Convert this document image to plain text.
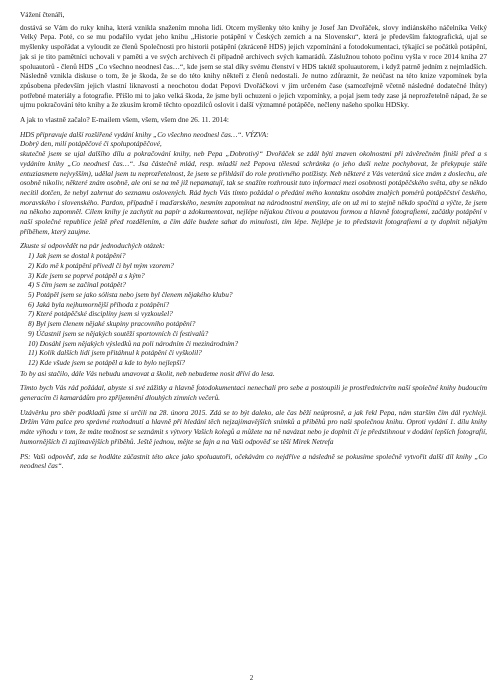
Vážení čtenáři,

dostává se Vám do ruky kniha, která vznikla snažením mnoha lidí. Otcem myšlenky této knihy je Josef Jan Dvořáček, slovy indiánského náčelníka Velký Velký Pepa. Poté, co se mu podařilo vydat jeho knihu „Historie potápění v Českých zemích a na Slovensku“, která je především faktografická, ujal se myšlenky uspořádat a vyloudit ze členů Společnosti pro historii potápění (zkráceně HDS) jejich vzpomínání a fotodokumentaci, týkající se počátků potápění, jak si je tito pamětníci uchovali v paměti a ve svých archivech či případně archivech svých kamarádů. Záslužnou tohoto počinu vyšla v roce 2014 kniha 27 spoluautorů - členů HDS „Co všechno neodnesl čas…“, kde jsem se stal díky svému členství v HDS taktéž spoluautorem, i když patrně jedním z nejmladších. Následně vznikla diskuse o tom, že je škoda, že se do této knihy někteří z členů nedostali. Je nutno zdůraznit, že neúčast na této knize vzpomínek byla způsobena především jejich vlastní liknavostí a neochotou dodat Pepovi Dvořáčkovi v jím určeném čase (samozřejmě včetně následné dodatečné lhůty) potřebné materiály a fotografie. Přišlo mi to jako velká škoda, že jsme byli ochuzeni o jejich vzpomínky, a pojal jsem tedy zase já neprozřetelně nápad, že se ujmu pokračování této knihy a že zkusím kromě těchto opozdilců oslovit i další významné potápěče, nečleny našeho spolku HDSky.

A jak to vlastně začalo? E-mailem všem, všem, všem dne 26. 11. 2014:

HDS připravuje další rozšířené vydání knihy „Co všechno neodnesl čas…“. VÝZVA:

Dobrý den, milí potápěčové či spolupotápěčové,

skutečně jsem se ujal dalšího dílu a pokračování knihy, neb Pepa „Dobrotivý“ Dvořáček se zdál býti znaven okolnostmi při závěrečném finiši před a s vydáním knihy „Co neodnesl čas…“. Jsa částečně mlád, resp. mladší než Pepova tělesná schránka (o jeho duši nelze pochybovat, že překypuje stále entuziasmem nejvyšším), udělal jsem tu neprozřetelnost, že jsem se přihlásil do role protivného potížisty. Neb některé z Vás veteránů sice znám z doslechu, ale osobně nikoliv, některé znám osobně, ale oni se na mě již nepamatují, tak se snažím rozhrousit tuto informaci mezi osobnosti potápěčského světa, aby se někdo necítil dotčen, že nebyl zahrnut do seznamu oslovených. Rád bych Vás tímto požádal o předání mého kontaktu osobám znalých pomérů potápěčství českého, moravského i slovenského. Pardon, případně i maďarského, nesmím zapomínat na národnostní menšiny, ale on už mi to stejně někdo spočítá a výčte, že jsem na někoho zapomněl. Cílem knihy je zachytit na papír a zdokumentovat, nejlépe nějakou čtivou a poutavou formou a hlavně fotografiemi, začátky potápění v naší společné republice ještě před rozdělením, a čím dále budete sahat do minulosti, tím lépe. Nejlépe je to představit fotografiemi a ty doplnit nějakým příběhem, který zaujme.

Zkuste si odpovědět na pár jednoduchých otázek:

1) Jak jsem se dostal k potápění?
2) Kdo mě k potápění přivedl či byl mým vzorem?
3) Kde jsem se poprvé potápěl a s kým?
4) S čím jsem se začínal potápět?
5) Potápěl jsem se jako sólista nebo jsem byl členem nějakého klubu?
6) Jaká byla nejhumornější příhoda z potápění?
7) Které potápěčské disciplíny jsem si vyzkoušel?
8) Byl jsem členem nějaké skupiny pracovního potápění?
9) Účastnil jsem se nějakých soutěží sportovních či festivalů?
10) Dosáhl jsem nějakých výsledků na poli národním či mezinárodním?
11) Kolik dalších lidí jsem přitáhnul k potápění či vyškolil?
12) Kde všude jsem se potápěl a kde to bylo nejlepší?

To by asi stačilo, dále Vás nebudu unavovat a školit, neb nebudeme nosit dříví do lesa.

Tímto bych Vás rád požádal, abyste si své zážitky a hlavně fotodokumentaci nenechali pro sebe a postoupili je prostřednictvím naší společné knihy budoucím generacím či kamarádům pro zpříjemnění dlouhých zimních večerů.

Uzávěrku pro sběr podkladů jsme si určili na 28. února 2015. Zdá se to být daleko, ale čas běží neúprosně, a jak řekl Pepa, nám starším čím dál rychleji. Držím Vám palce pro správné rozhodnutí a hlavně při hledání těch nejzajímavějších snímků a příběhů pro naši společnou knihu. Oproti vydání 1. dílu knihy máte výhodu v tom, že máte možnost se seznámit s výtvory Vašich kolegů a můžete na ně navázat nebo je doplnit či je předstihnout v dodání lepších fotografií, humornějších či zajímavějších příběhů. Ještě jednou, mějte se fajn a na Vaši odpověď se těší Mirek Netrefa

PS: Vaši odpověď, zda se hodláte zúčastnit této akce jako spoluautoři, očekávám co nejdříve a následně se pokusíme společně vytvořit další díl knihy „Co neodnesl čas“.

2
